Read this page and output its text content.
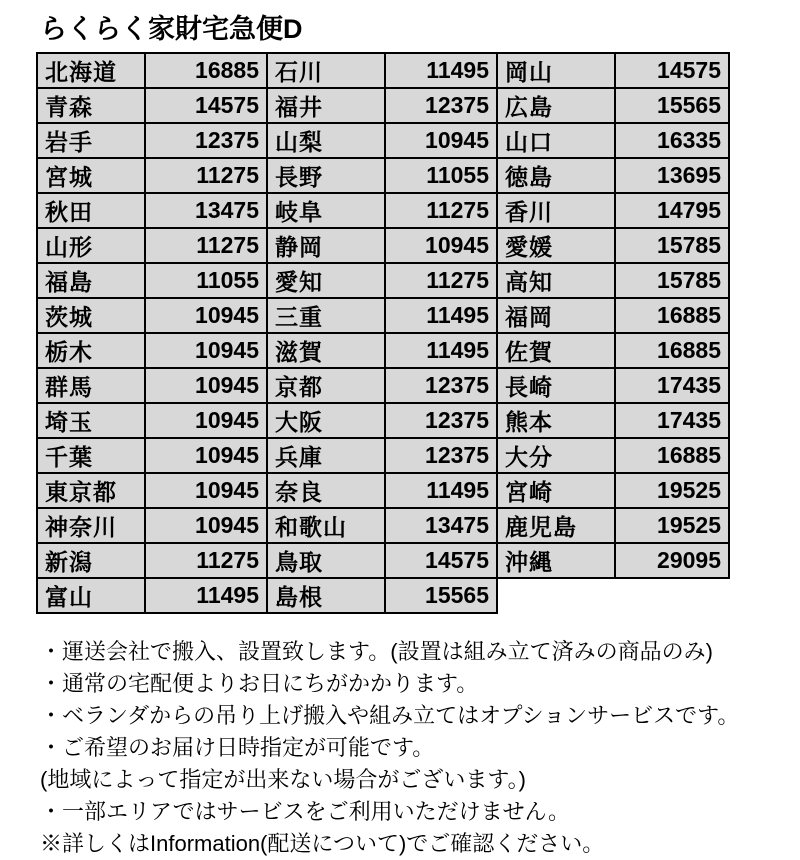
らくらく家財宅急便D
北海道	16885	石川	11495	岡山	14575
青森	14575	福井	12375	広島	15565
岩手	12375	山梨	10945	山口	16335
宮城	11275	長野	11055	徳島	13695
秋田	13475	岐阜	11275	香川	14795
山形	11275	静岡	10945	愛媛	15785
福島	11055	愛知	11275	高知	15785
茨城	10945	三重	11495	福岡	16885
栃木	10945	滋賀	11495	佐賀	16885
群馬	10945	京都	12375	長崎	17435
埼玉	10945	大阪	12375	熊本	17435
千葉	10945	兵庫	12375	大分	16885
東京都	10945	奈良	11495	宮崎	19525
神奈川	10945	和歌山	13475	鹿児島	19525
新潟	11275	鳥取	14575	沖縄	29095
富山	11495	島根	15565		
・運送会社で搬入、設置致します。(設置は組み立て済みの商品のみ)
・通常の宅配便よりお日にちがかかります。
・ベランダからの吊り上げ搬入や組み立てはオプションサービスです。
・ご希望のお届け日時指定が可能です。
(地域によって指定が出来ない場合がございます。)
・一部エリアではサービスをご利用いただけません。
※詳しくはInformation(配送について)でご確認ください。
